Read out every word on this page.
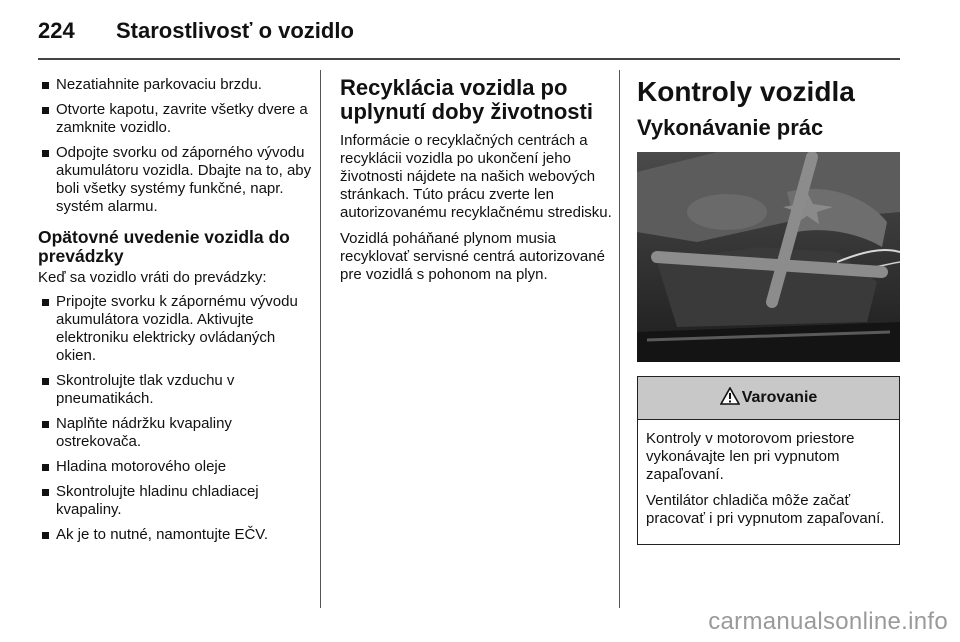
224 Starostlivosť o vozidlo
Nezatiahnite parkovaciu brzdu.
Otvorte kapotu, zavrite všetky dvere a zamknite vozidlo.
Odpojte svorku od záporného vývodu akumulátoru vozidla. Dbajte na to, aby boli všetky systémy funkčné, napr. systém alarmu.
Opätovné uvedenie vozidla do prevádzky

Keď sa vozidlo vráti do prevádzky:

Pripojte svorku k zápornému vývodu akumulátora vozidla. Aktivujte elektroniku elektricky ovládaných okien.
Skontrolujte tlak vzduchu v pneumatikách.
Naplňte nádržku kvapaliny ostrekovača.
Hladina motorového oleje
Skontrolujte hladinu chladiacej kvapaliny.
Ak je to nutné, namontujte EČV.
Recyklácia vozidla po uplynutí doby životnosti

Informácie o recyklačných centrách a recyklácii vozidla po ukončení jeho životnosti nájdete na našich webových stránkach. Túto prácu zverte len autorizovanému recyklačnému stredisku.

Vozidlá poháňané plynom musia recyklovať servisné centrá autorizované pre vozidlá s pohonom na plyn.

Kontroly vozidla
Vykonávanie prác
Varovanie

Kontroly v motorovom priestore vykonávajte len pri vypnutom zapaľovaní.

Ventilátor chladiča môže začať pracovať i pri vypnutom zapaľovaní.

carmanualsonline.info
